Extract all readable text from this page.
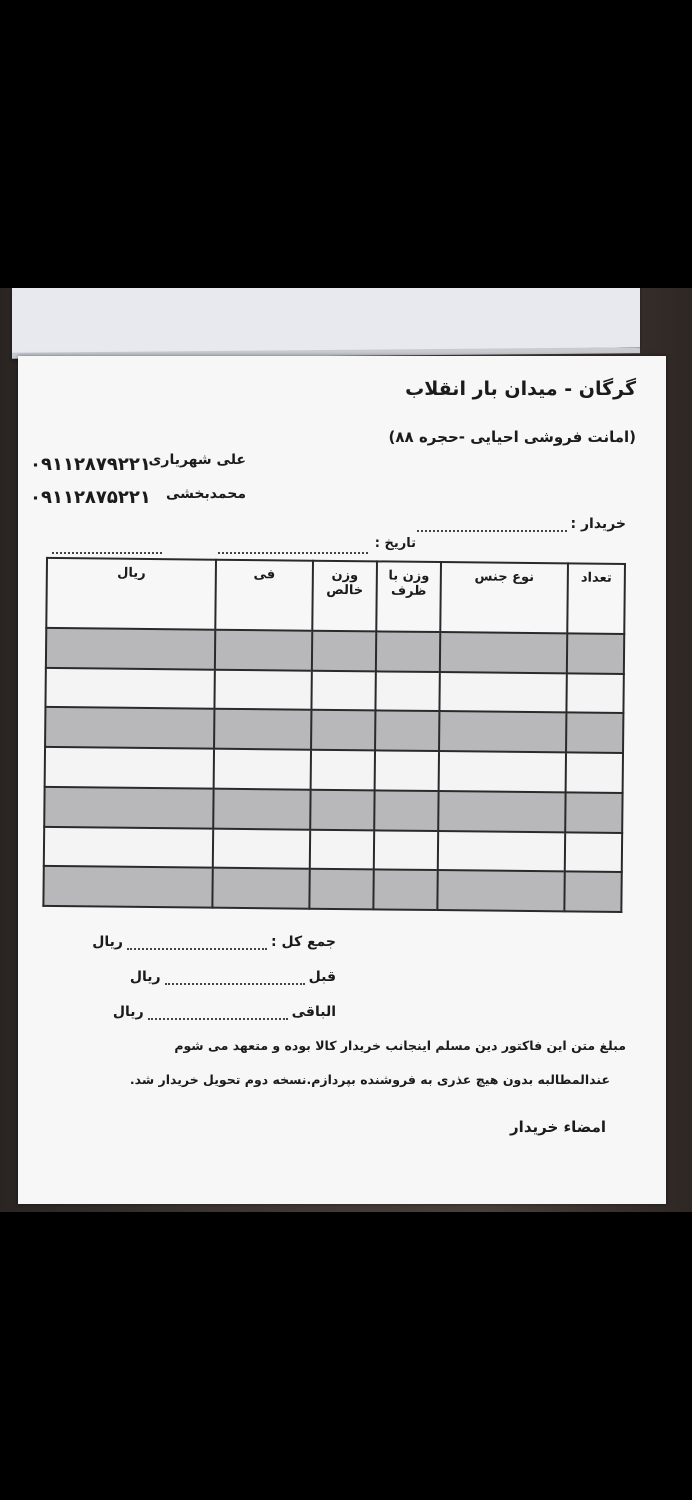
گرگان - میدان بار انقلاب
(امانت فروشی احیایی -حجره ۸۸)
علی شهریاری
۰۹۱۱۲۸۷۹۲۲۱
محمدبخشی
۰۹۱۱۲۸۷۵۲۲۱
خریدار :
تاریخ :
تعداد	نوع جنس	وزن با ظرف	وزن خالص	فی	ریال

جمع کل :ریال
قبلریال
الباقیریال
مبلغ متن این فاکتور دین مسلم اینجانب خریدار کالا بوده و متعهد می شوم
عندالمطالبه بدون هیچ عذری به فروشنده بپردازم.نسخه دوم تحویل خریدار شد.
امضاء خریدار
